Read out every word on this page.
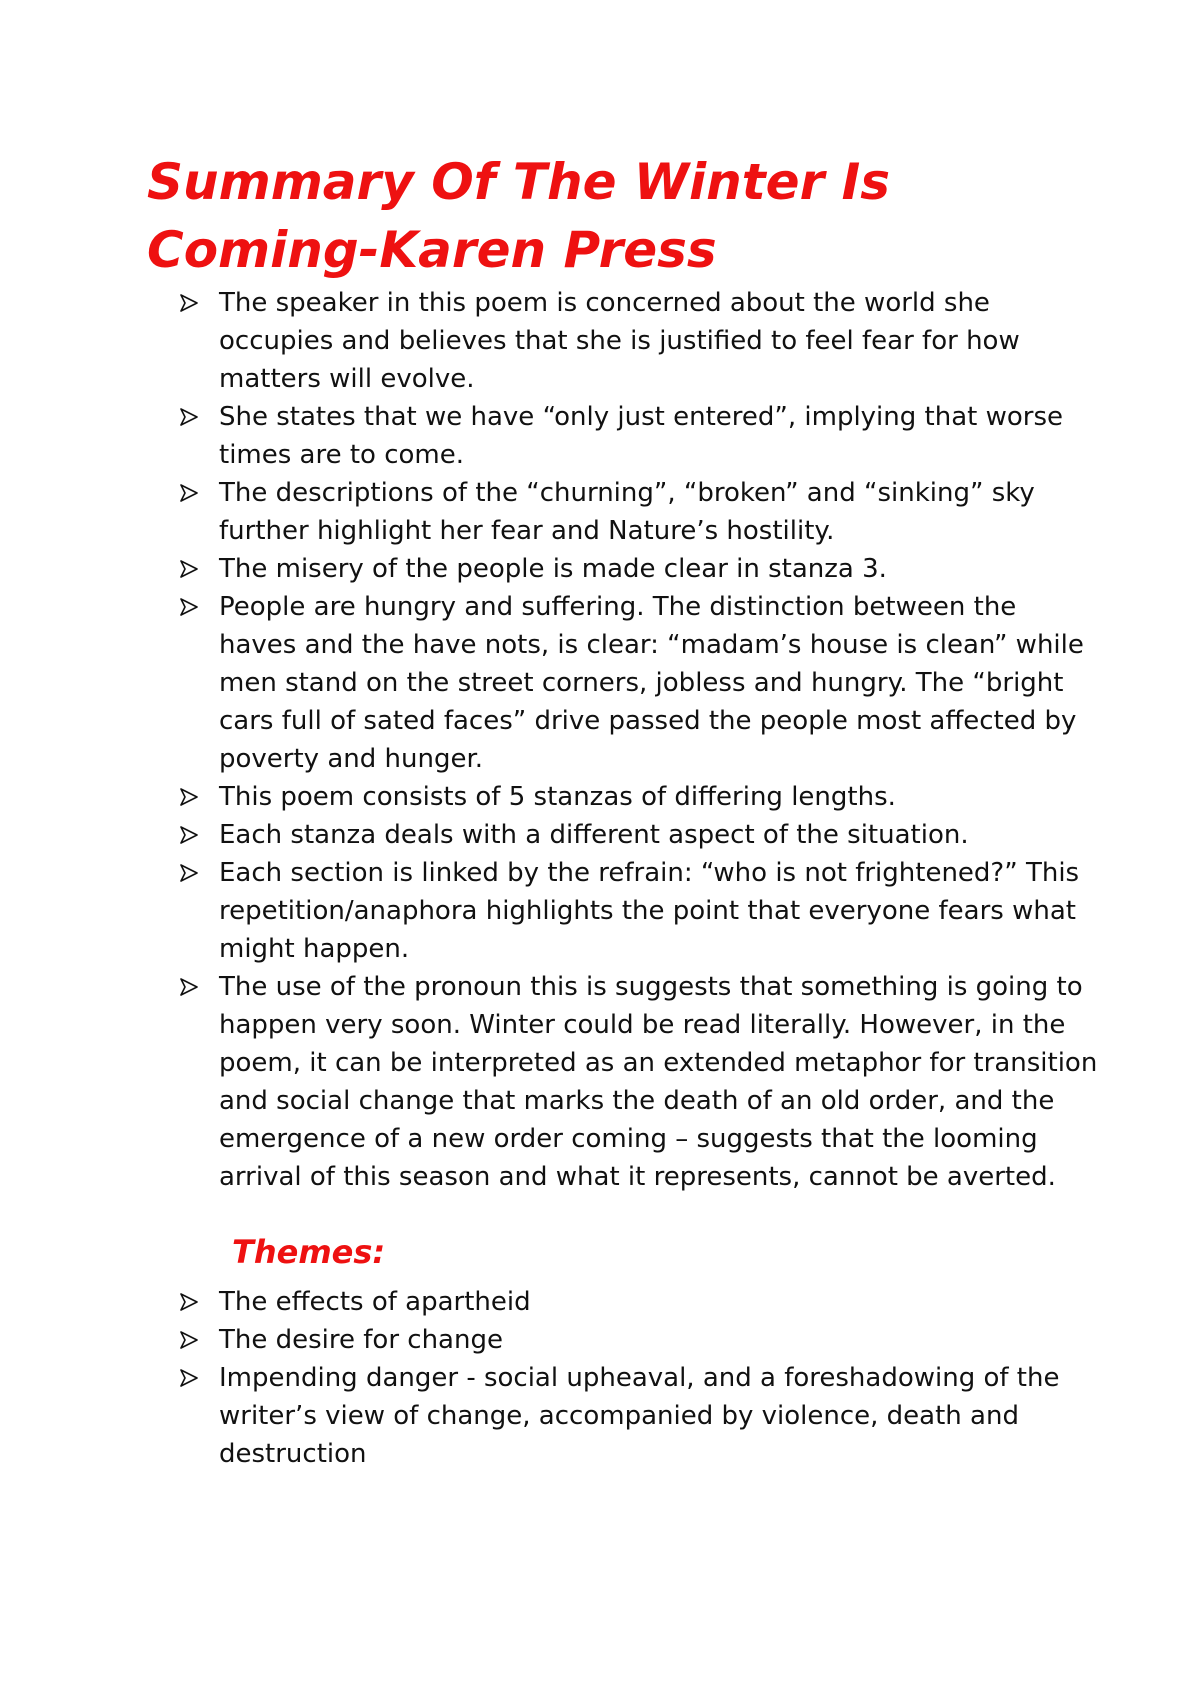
Summary Of The Winter Is Coming-Karen Press
The speaker in this poem is concerned about the world she occupies and believes that she is justified to feel fear for how matters will evolve.
She states that we have “only just entered”, implying that worse times are to come.
The descriptions of the “churning”, “broken” and “sinking” sky further highlight her fear and Nature’s hostility.
The misery of the people is made clear in stanza 3.
People are hungry and suffering. The distinction between the haves and the have nots, is clear: “madam’s house is clean” while men stand on the street corners, jobless and hungry. The “bright cars full of sated faces” drive passed the people most affected by poverty and hunger.
This poem consists of 5 stanzas of differing lengths.
Each stanza deals with a different aspect of the situation.
Each section is linked by the refrain: “who is not frightened?” This repetition/anaphora highlights the point that everyone fears what might happen.
The use of the pronoun this is suggests that something is going to happen very soon. Winter could be read literally. However, in the poem, it can be interpreted as an extended metaphor for transition and social change that marks the death of an old order, and the emergence of a new order coming – suggests that the looming arrival of this season and what it represents, cannot be averted.
Themes:
The effects of apartheid
The desire for change
Impending danger - social upheaval, and a foreshadowing of the writer’s view of change, accompanied by violence, death and destruction
